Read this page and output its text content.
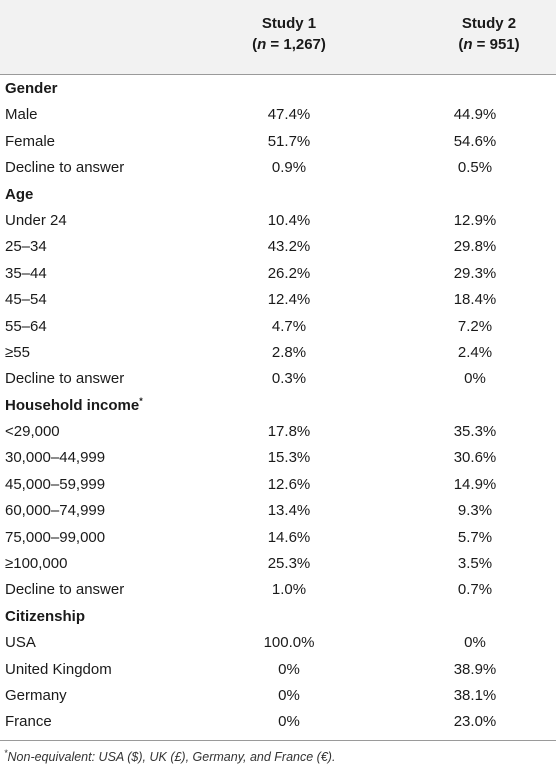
Study 1
(n = 1,267)
Study 2
(n = 951)
Gender
Male	47.4%	44.9%
Female	51.7%	54.6%
Decline to answer	0.9%	0.5%
Age
Under 24	10.4%	12.9%
25–34	43.2%	29.8%
35–44	26.2%	29.3%
45–54	12.4%	18.4%
55–64	4.7%	7.2%
≥55	2.8%	2.4%
Decline to answer	0.3%	0%
Household income*
<29,000	17.8%	35.3%
30,000–44,999	15.3%	30.6%
45,000–59,999	12.6%	14.9%
60,000–74,999	13.4%	9.3%
75,000–99,000	14.6%	5.7%
≥100,000	25.3%	3.5%
Decline to answer	1.0%	0.7%
Citizenship
USA	100.0%	0%
United Kingdom	0%	38.9%
Germany	0%	38.1%
France	0%	23.0%
*Non-equivalent: USA ($), UK (£), Germany, and France (€).
